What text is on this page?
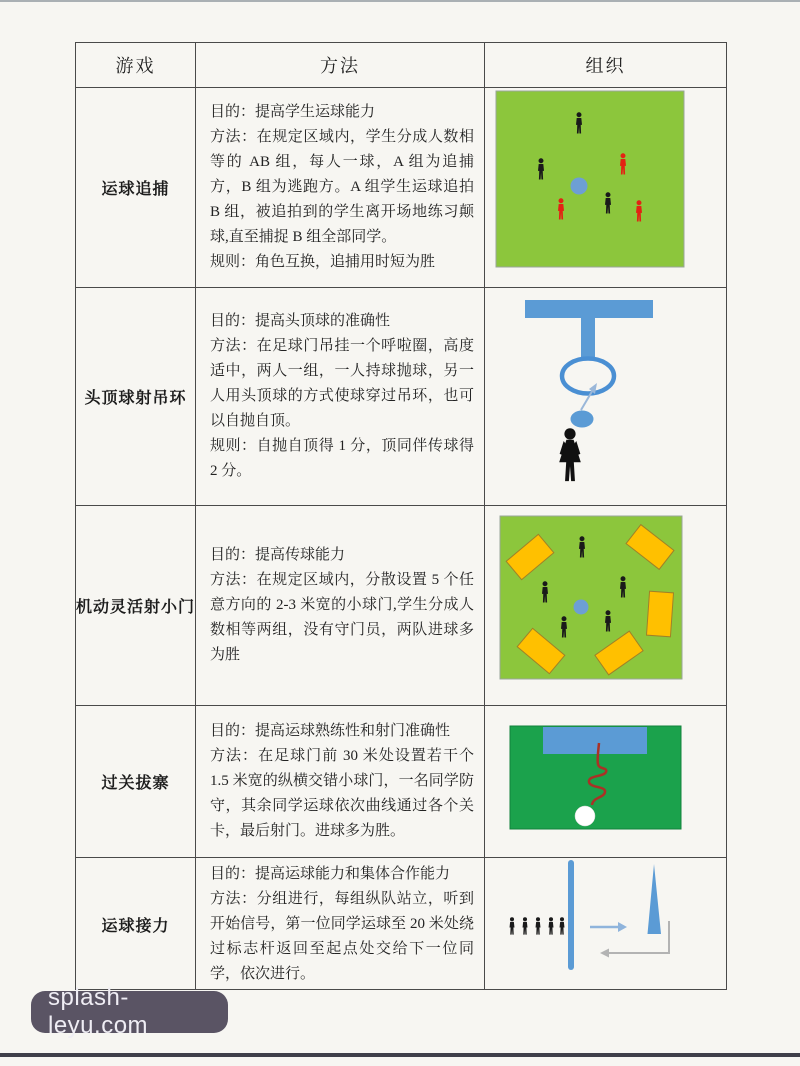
游戏	方法	组织
运球追捕

目的：提高学生运球能力

方法：在规定区域内，学生分成人数相等的 AB 组，每人一球，A 组为追捕方，B 组为逃跑方。A 组学生运球追拍 B 组，被追拍到的学生离开场地练习颠球,直至捕捉 B 组全部同学。

规则：角色互换，追捕用时短为胜

头顶球射吊环

目的：提高头顶球的准确性

方法：在足球门吊挂一个呼啦圈，高度适中，两人一组，一人持球抛球，另一人用头顶球的方式使球穿过吊环，也可以自抛自顶。

规则：自抛自顶得 1 分，顶同伴传球得 2 分。

机动灵活射小门

目的：提高传球能力

方法：在规定区域内，分散设置 5 个任意方向的 2-3 米宽的小球门,学生分成人数相等两组，没有守门员，两队进球多为胜

过关拔寨

目的：提高运球熟练性和射门准确性

方法：在足球门前 30 米处设置若干个 1.5 米宽的纵横交错小球门，一名同学防守，其余同学运球依次曲线通过各个关卡，最后射门。进球多为胜。

运球接力

目的：提高运球能力和集体合作能力

方法：分组进行，每组纵队站立，听到开始信号，第一位同学运球至 20 米处绕过标志杆返回至起点处交给下一位同学，依次进行。

splash-leyu.com
